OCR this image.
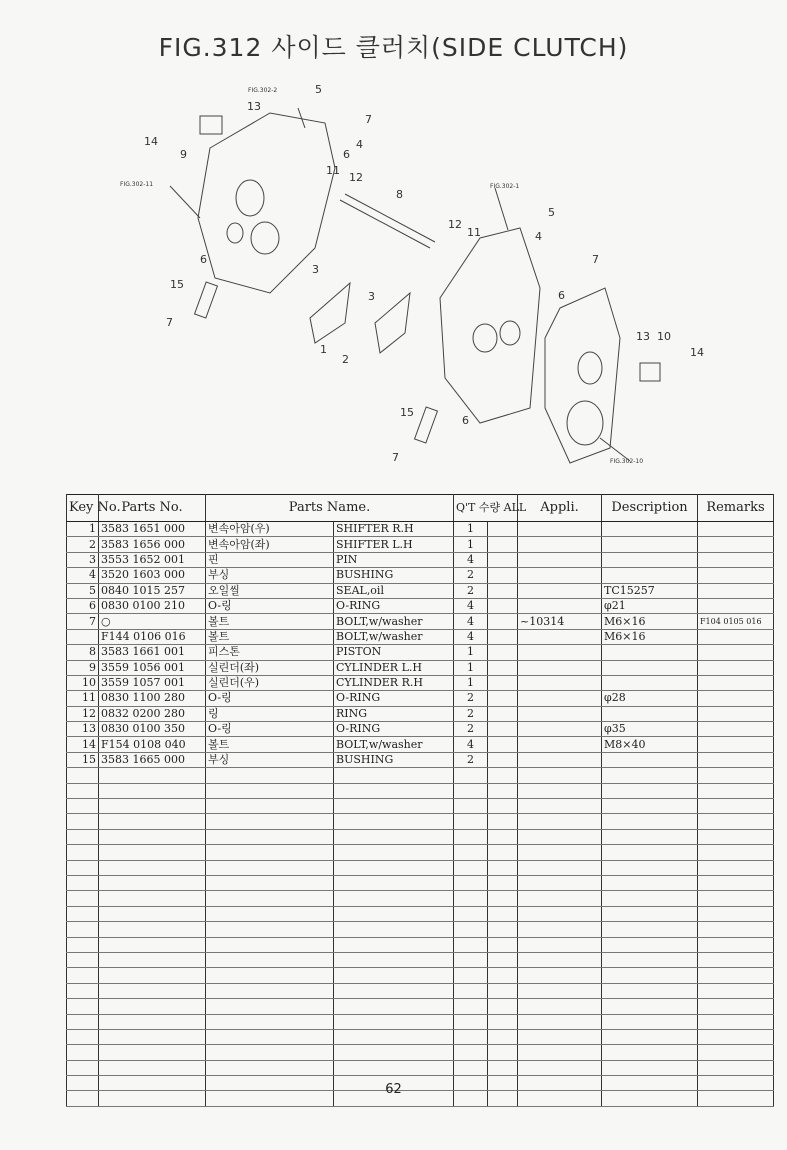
FIG.312 사이드 클러치(SIDE CLUTCH)
FIG.302-2
FIG.302-11	FIG.302-1
FIG.302-10
1
2
3
3
4
4
5
5
6
6
6
6
7
7
7
7
8
9
10
11
11
12
12
13
13
14
14
15
15
Key No.	Parts No.	Parts Name.		Q'T 수량 ALL		Appli.	Description	Remarks
1	3583 1651 000	변속아암(우)	SHIFTER R.H	1				
2	3583 1656 000	변속아암(좌)	SHIFTER L.H	1				
3	3553 1652 001	핀	PIN	4				
4	3520 1603 000	부싱	BUSHING	2				
5	0840 1015 257	오일씰	SEAL,oil	2			TC15257	
6	0830 0100 210	O-링	O-RING	4			φ21	
7	○	볼트	BOLT,w/washer	4		~10314	M6×16	F104 0105 016
	F144 0106 016	볼트	BOLT,w/washer	4			M6×16	
8	3583 1661 001	피스톤	PISTON	1				
9	3559 1056 001	실린더(좌)	CYLINDER L.H	1				
10	3559 1057 001	실린더(우)	CYLINDER R.H	1				
11	0830 1100 280	O-링	O-RING	2			φ28	
12	0832 0200 280	링	RING	2				
13	0830 0100 350	O-링	O-RING	2			φ35	
14	F154 0108 040	볼트	BOLT,w/washer	4			M8×40	
15	3583 1665 000	부싱	BUSHING	2				

62
